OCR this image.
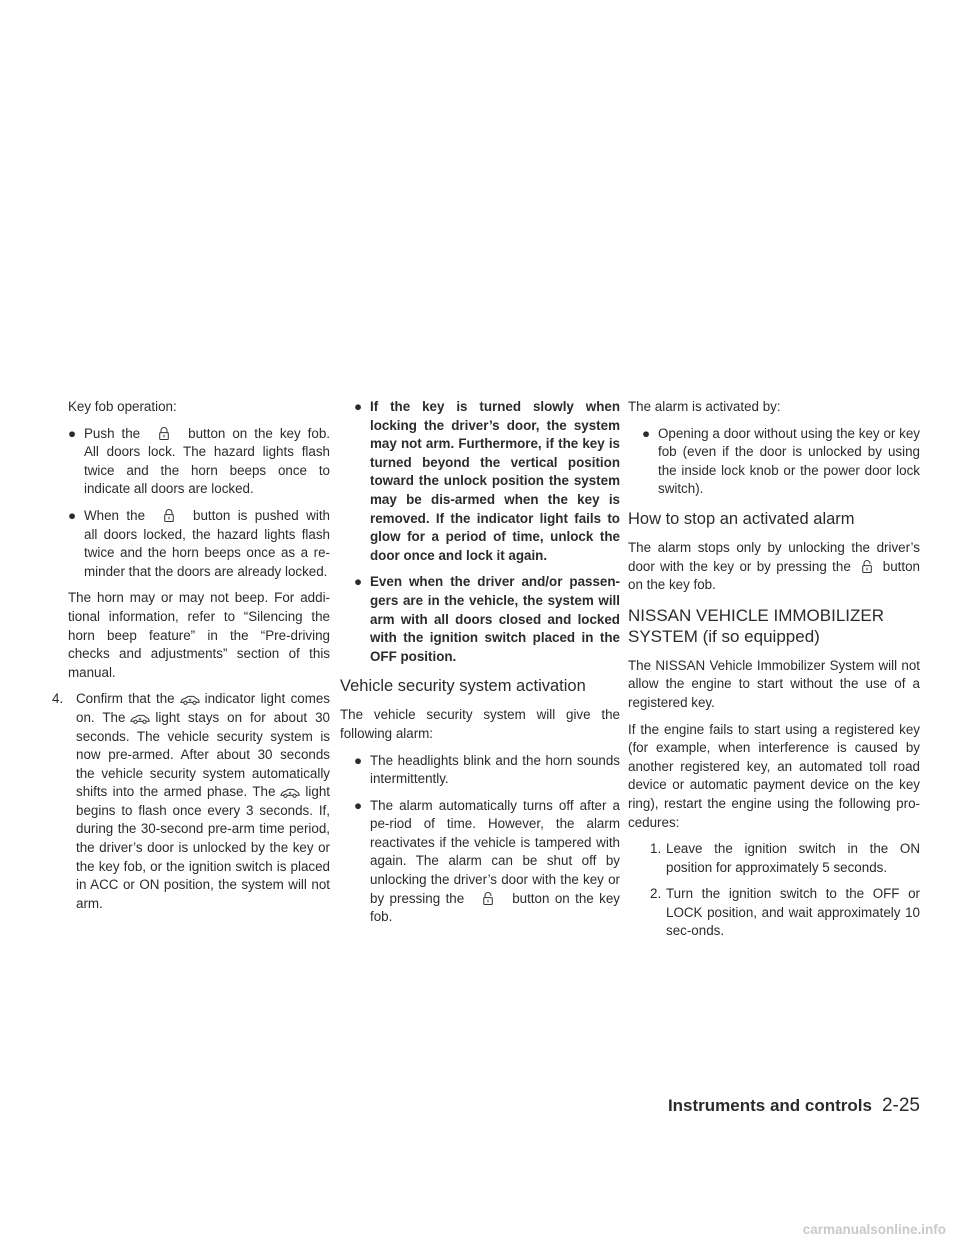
Key fob operation:

● Push the	button on the key fob. All doors lock. The hazard lights flash twice and the horn beeps once to indicate all doors are locked.
● When the	button is pushed with all doors locked, the hazard lights flash twice and the horn beeps once as a re-minder that the doors are already locked.

The horn may or may not beep. For addi-tional information, refer to “Silencing the horn beep feature” in the “Pre-driving checks and adjustments” section of this manual.

4. Confirm that the indicator light comes on. The light stays on for about 30 seconds. The vehicle security system is now pre-armed. After about 30 seconds the vehicle security system automatically shifts into the armed phase. The light begins to flash once every 3 seconds. If, during the 30-second pre-arm time period, the driver’s door is unlocked by the key or the key fob, or the ignition switch is placed in ACC or ON position, the system will not arm.
● If the key is turned slowly when locking the driver’s door, the system may not arm. Furthermore, if the key is turned beyond the vertical position toward the unlock position the system may be dis-armed when the key is removed. If the indicator light fails to glow for a period of time, unlock the door once and lock it again.
● Even when the driver and/or passen-gers are in the vehicle, the system will arm with all doors closed and locked with the ignition switch placed in the OFF position.
Vehicle security system activation

The vehicle security system will give the following alarm:

● The headlights blink and the horn sounds intermittently.
● The alarm automatically turns off after a pe-riod of time. However, the alarm reactivates if the vehicle is tampered with again. The alarm can be shut off by unlocking the driver’s door with the key or by pressing the	button on the key fob.

The alarm is activated by:

● Opening a door without using the key or key fob (even if the door is unlocked by using the inside lock knob or the power door lock switch).
How to stop an activated alarm

The alarm stops only by unlocking the driver’s door with the key or by pressing the button on the key fob.

NISSAN VEHICLE IMMOBILIZER SYSTEM (if so equipped)

The NISSAN Vehicle Immobilizer System will not allow the engine to start without the use of a registered key.

If the engine fails to start using a registered key (for example, when interference is caused by another registered key, an automated toll road device or automatic payment device on the key ring), restart the engine using the following pro-cedures:

1. Leave the ignition switch in the ON position for approximately 5 seconds.
2. Turn the ignition switch to the OFF or LOCK position, and wait approximately 10 sec-onds.
Instruments and controls 2-25
carmanualsonline.info
